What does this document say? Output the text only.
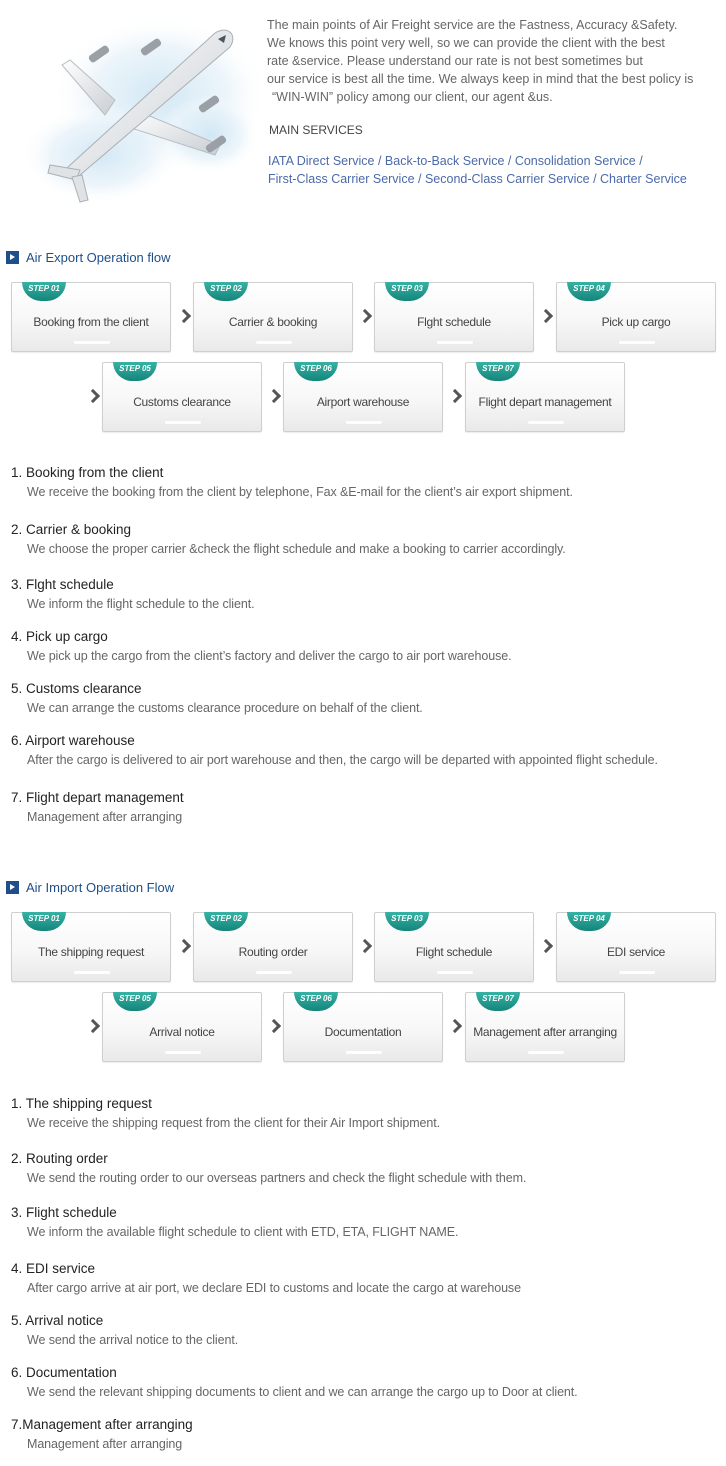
The main points of Air Freight service are the Fastness, Accuracy &Safety.

We knows this point very well, so we can provide the client with the best

rate &service. Please understand our rate is not best sometimes but

our service is best all the time. We always keep in mind that the best policy is

“WIN-WIN” policy among our client, our agent &us.

MAIN SERVICES

IATA Direct Service / Back-to-Back Service / Consolidation Service /

First-Class Carrier Service / Second-Class Carrier Service / Charter Service

Air Export Operation flow
STEP 01
Booking from the client
STEP 02
Carrier & booking
STEP 03
Flght schedule
STEP 04
Pick up cargo
STEP 05
Customs clearance
STEP 06
Airport warehouse
STEP 07
Flight depart management
1. Booking from the client
We receive the booking from the client by telephone, Fax &E-mail for the client’s air export shipment.
2. Carrier & booking
We choose the proper carrier &check the flight schedule and make a booking to carrier accordingly.
3. Flght schedule
We inform the flight schedule to the client.
4. Pick up cargo
We pick up the cargo from the client’s factory and deliver the cargo to air port warehouse.
5. Customs clearance
We can arrange the customs clearance procedure on behalf of the client.
6. Airport warehouse
After the cargo is delivered to air port warehouse and then, the cargo will be departed with appointed flight schedule.
7. Flight depart management
Management after arranging
Air Import Operation Flow
STEP 01
The shipping request
STEP 02
Routing order
STEP 03
Flight schedule
STEP 04
EDI service
STEP 05
Arrival notice
STEP 06
Documentation
STEP 07
Management after arranging
1. The shipping request
We receive the shipping request from the client for their Air Import shipment.
2. Routing order
We send the routing order to our overseas partners and check the flight schedule with them.
3. Flight schedule
We inform the available flight schedule to client with ETD, ETA, FLIGHT NAME.
4. EDI service
After cargo arrive at air port, we declare EDI to customs and locate the cargo at warehouse
5. Arrival notice
We send the arrival notice to the client.
6. Documentation
We send the relevant shipping documents to client and we can arrange the cargo up to Door at client.
7.Management after arranging
Management after arranging
